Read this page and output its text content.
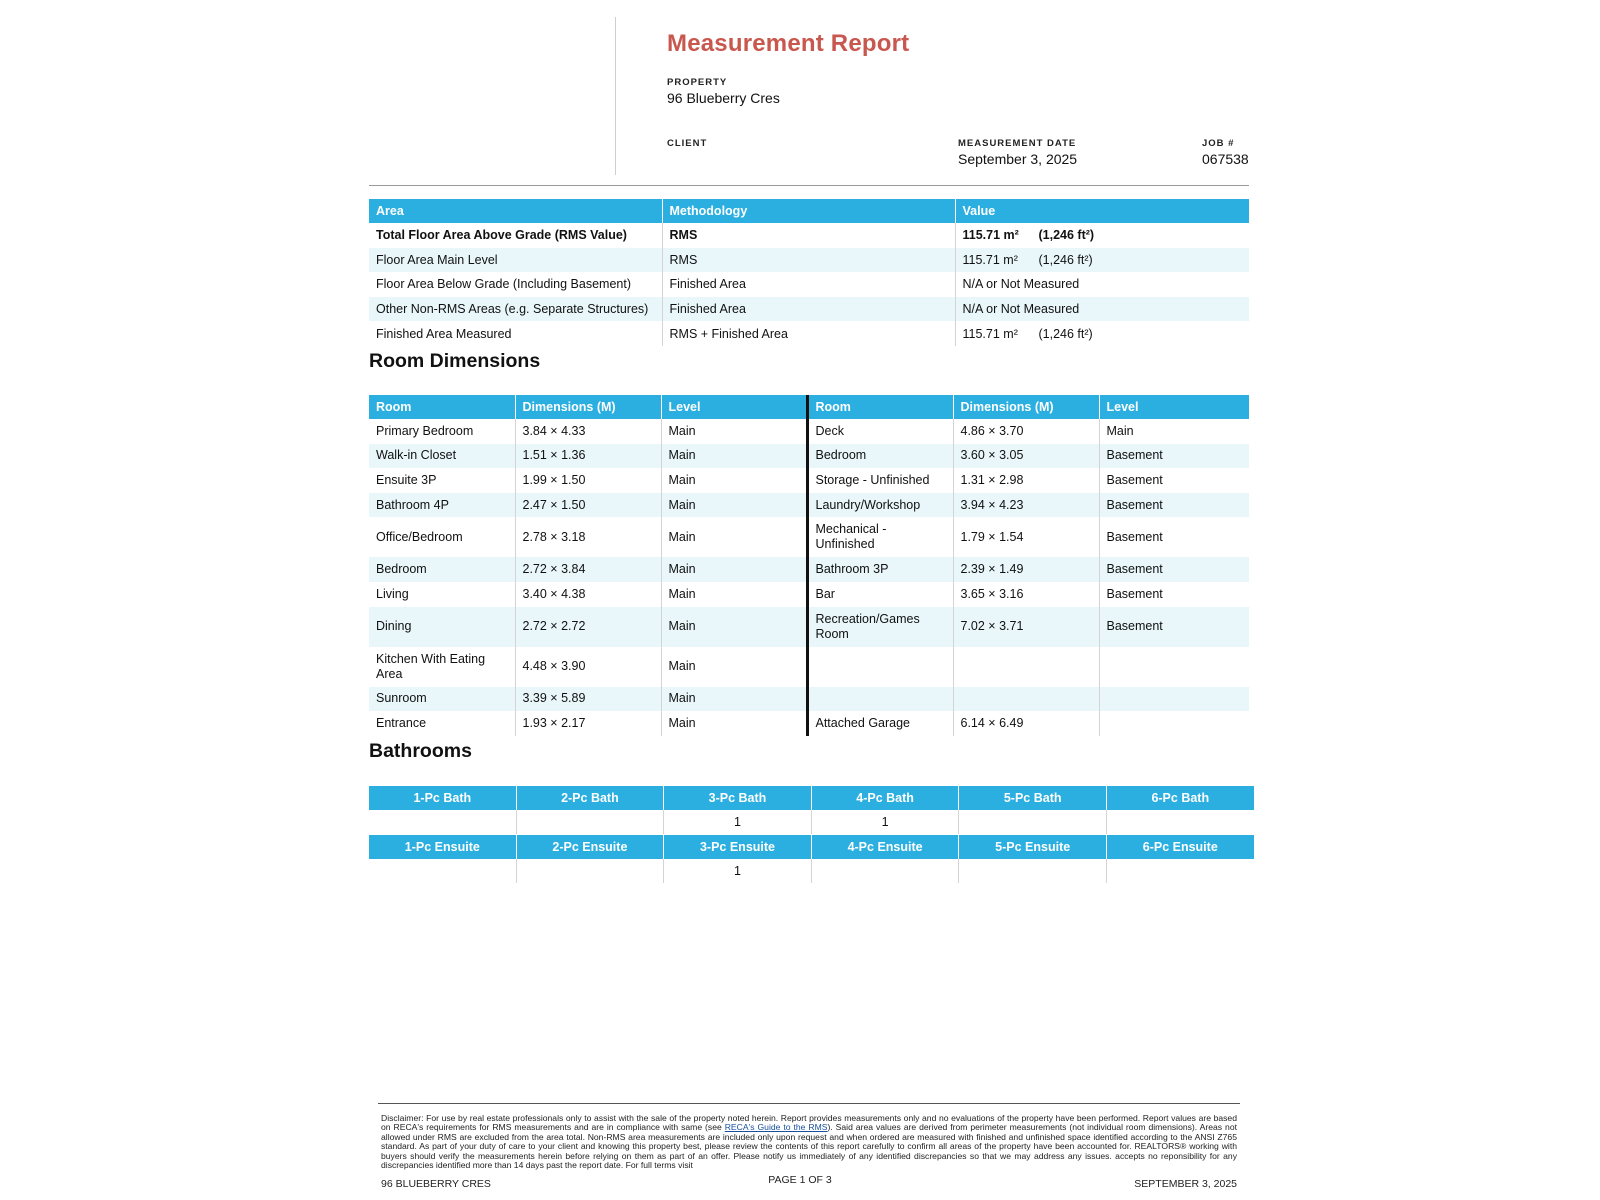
Measurement Report
PROPERTY
96 Blueberry Cres
CLIENT	MEASUREMENT DATE
September 3, 2025
JOB #
067538
Area	Methodology	Value
Total Floor Area Above Grade (RMS Value)	RMS	115.71 m² (1,246 ft²)
Floor Area Main Level	RMS	115.71 m² (1,246 ft²)
Floor Area Below Grade (Including Basement)	Finished Area	N/A or Not Measured
Other Non-RMS Areas (e.g. Separate Structures)	Finished Area	N/A or Not Measured
Finished Area Measured	RMS + Finished Area	115.71 m² (1,246 ft²)
Room Dimensions
Room	Dimensions (M)	Level	Room	Dimensions (M)	Level
Primary Bedroom	3.84 × 4.33	Main	Deck	4.86 × 3.70	Main
Walk-in Closet	1.51 × 1.36	Main	Bedroom	3.60 × 3.05	Basement
Ensuite 3P	1.99 × 1.50	Main	Storage - Unfinished	1.31 × 2.98	Basement
Bathroom 4P	2.47 × 1.50	Main	Laundry/Workshop	3.94 × 4.23	Basement
Office/Bedroom	2.78 × 3.18	Main	Mechanical - Unfinished	1.79 × 1.54	Basement
Bedroom	2.72 × 3.84	Main	Bathroom 3P	2.39 × 1.49	Basement
Living	3.40 × 4.38	Main	Bar	3.65 × 3.16	Basement
Dining	2.72 × 2.72	Main	Recreation/Games Room	7.02 × 3.71	Basement
Kitchen With Eating Area	4.48 × 3.90	Main			
Sunroom	3.39 × 5.89	Main			
Entrance	1.93 × 2.17	Main	Attached Garage	6.14 × 6.49	
Bathrooms
1-Pc Bath	2-Pc Bath	3-Pc Bath	4-Pc Bath	5-Pc Bath	6-Pc Bath
		1	1		
1-Pc Ensuite	2-Pc Ensuite	3-Pc Ensuite	4-Pc Ensuite	5-Pc Ensuite	6-Pc Ensuite
		1			
Disclaimer: For use by real estate professionals only to assist with the sale of the property noted herein. Report provides measurements only and no evaluations of the property have been performed. Report values are based on RECA's requirements for RMS measurements and are in compliance with same (see RECA's Guide to the RMS). Said area values are derived from perimeter measurements (not individual room dimensions). Areas not allowed under RMS are excluded from the area total. Non-RMS area measurements are included only upon request and when ordered are measured with finished and unfinished space identified according to the ANSI Z765 standard. As part of your duty of care to your client and knowing this property best, please review the contents of this report carefully to confirm all areas of the property have been accounted for. REALTORS® working with buyers should verify the measurements herein before relying on them as part of an offer. Please notify us immediately of any identified discrepancies so that we may address any issues. accepts no reponsibility for any discrepancies identified more than 14 days past the report date. For full terms visit
96 BLUEBERRY CRES	PAGE 1 OF 3	SEPTEMBER 3, 2025
